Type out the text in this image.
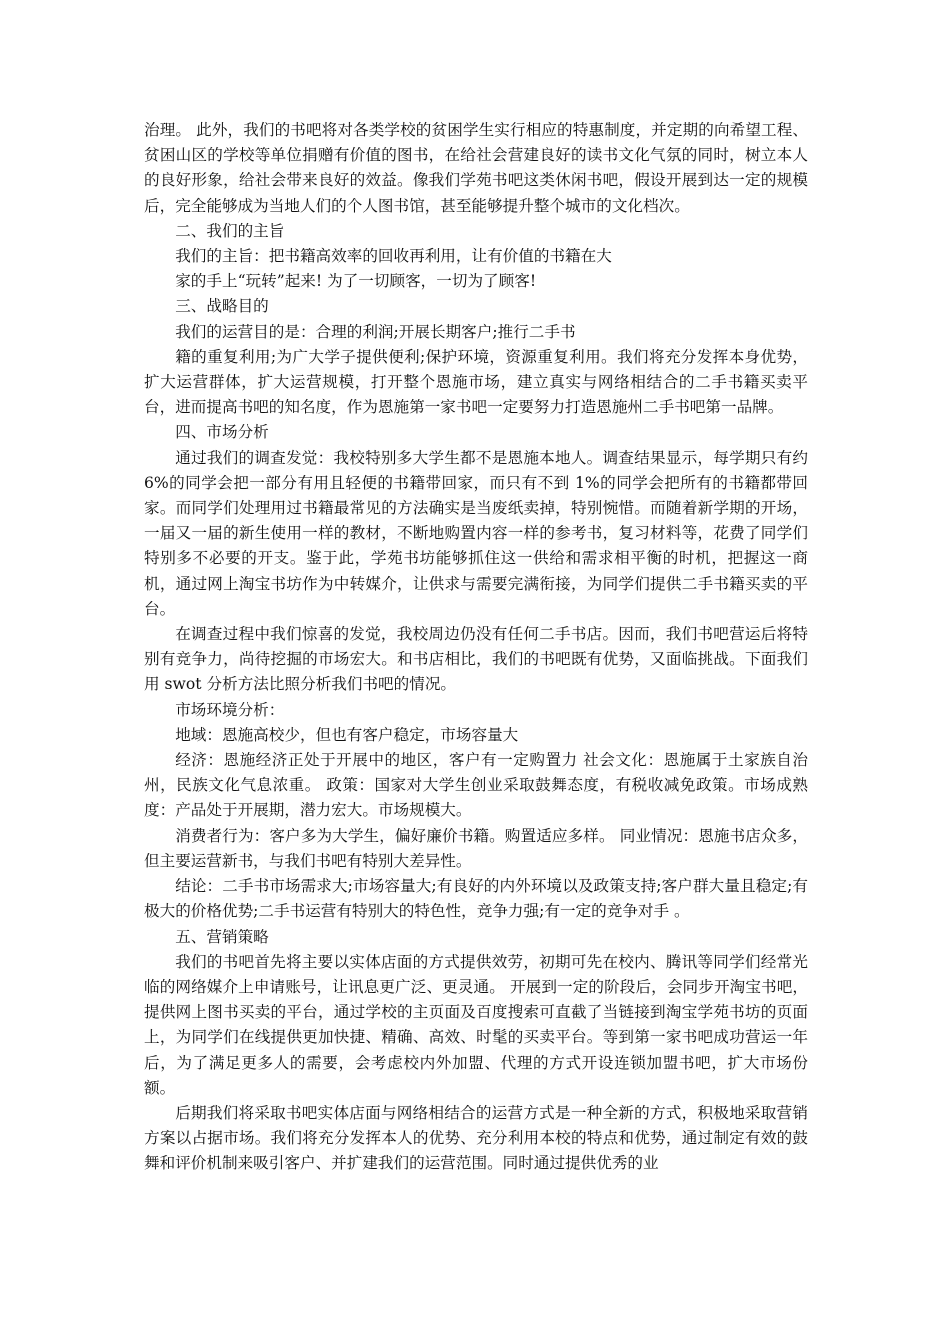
治理。 此外，我们的书吧将对各类学校的贫困学生实行相应的特惠制度，并定期的向希望工程、贫困山区的学校等单位捐赠有价值的图书，在给社会营建良好的读书文化气氛的同时，树立本人的良好形象，给社会带来良好的效益。像我们学苑书吧这类休闲书吧，假设开展到达一定的规模后，完全能够成为当地人们的个人图书馆，甚至能够提升整个城市的文化档次。

二、我们的主旨

我们的主旨：把书籍高效率的回收再利用，让有价值的书籍在大

家的手上“玩转”起来! 为了一切顾客，一切为了顾客!

三、战略目的

我们的运营目的是：合理的利润;开展长期客户;推行二手书

籍的重复利用;为广大学子提供便利;保护环境，资源重复利用。我们将充分发挥本身优势，扩大运营群体，扩大运营规模，打开整个恩施市场，建立真实与网络相结合的二手书籍买卖平台，进而提高书吧的知名度，作为恩施第一家书吧一定要努力打造恩施州二手书吧第一品牌。

四、市场分析

通过我们的调查发觉：我校特别多大学生都不是恩施本地人。调查结果显示，每学期只有约 6%的同学会把一部分有用且轻便的书籍带回家，而只有不到 1%的同学会把所有的书籍都带回家。而同学们处理用过书籍最常见的方法确实是当废纸卖掉，特别惋惜。而随着新学期的开场，一届又一届的新生使用一样的教材，不断地购置内容一样的参考书，复习材料等，花费了同学们特别多不必要的开支。鉴于此，学苑书坊能够抓住这一供给和需求相平衡的时机，把握这一商机，通过网上淘宝书坊作为中转媒介，让供求与需要完满衔接，为同学们提供二手书籍买卖的平台。

在调查过程中我们惊喜的发觉，我校周边仍没有任何二手书店。因而，我们书吧营运后将特别有竞争力，尚待挖掘的市场宏大。和书店相比，我们的书吧既有优势，又面临挑战。下面我们用 swot 分析方法比照分析我们书吧的情况。

市场环境分析：

地域：恩施高校少，但也有客户稳定，市场容量大

经济：恩施经济正处于开展中的地区，客户有一定购置力 社会文化：恩施属于土家族自治州，民族文化气息浓重。 政策：国家对大学生创业采取鼓舞态度，有税收减免政策。市场成熟度：产品处于开展期，潜力宏大。市场规模大。

消费者行为：客户多为大学生，偏好廉价书籍。购置适应多样。 同业情况：恩施书店众多，但主要运营新书，与我们书吧有特别大差异性。

结论：二手书市场需求大;市场容量大;有良好的内外环境以及政策支持;客户群大量且稳定;有极大的价格优势;二手书运营有特别大的特色性，竞争力强;有一定的竞争对手 。

五、营销策略

我们的书吧首先将主要以实体店面的方式提供效劳，初期可先在校内、腾讯等同学们经常光临的网络媒介上申请账号，让讯息更广泛、更灵通。 开展到一定的阶段后，会同步开淘宝书吧，提供网上图书买卖的平台，通过学校的主页面及百度搜索可直截了当链接到淘宝学苑书坊的页面上，为同学们在线提供更加快捷、精确、高效、时髦的买卖平台。等到第一家书吧成功营运一年后，为了满足更多人的需要，会考虑校内外加盟、代理的方式开设连锁加盟书吧，扩大市场份额。

后期我们将采取书吧实体店面与网络相结合的运营方式是一种全新的方式，积极地采取营销方案以占据市场。我们将充分发挥本人的优势、充分利用本校的特点和优势，通过制定有效的鼓舞和评价机制来吸引客户、并扩建我们的运营范围。同时通过提供优秀的业
